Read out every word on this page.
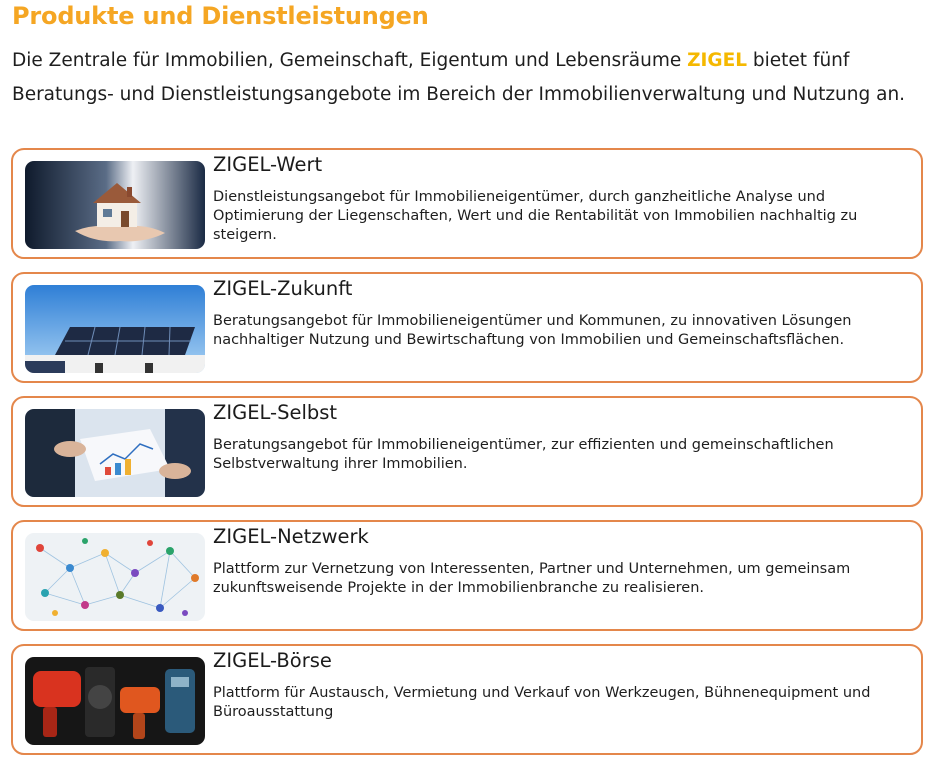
Produkte und Dienstleistungen

Die Zentrale für Immobilien, Gemeinschaft, Eigentum und Lebensräume ZIGEL bietet fünf Beratungs- und Dienstleistungsangebote im Bereich der Immobilienverwaltung und Nutzung an.

ZIGEL-Wert

Dienstleistungsangebot für Immobilieneigentümer, durch ganzheitliche Analyse und Optimierung der Liegenschaften, Wert und die Rentabilität von Immobilien nachhaltig zu steigern.

ZIGEL-Zukunft

Beratungsangebot für Immobilieneigentümer und Kommunen, zu innovativen Lösungen nachhaltiger Nutzung und Bewirtschaftung von Immobilien und Gemeinschaftsflächen.

ZIGEL-Selbst

Beratungsangebot für Immobilieneigentümer, zur effizienten und gemeinschaftlichen Selbstverwaltung ihrer Immobilien.

ZIGEL-Netzwerk

Plattform zur Vernetzung von Interessenten, Partner und Unternehmen, um gemeinsam zukunftsweisende Projekte in der Immobilienbranche zu realisieren.

ZIGEL-Börse

Plattform für Austausch, Vermietung und Verkauf von Werkzeugen, Bühnenequipment und Büroausstattung
